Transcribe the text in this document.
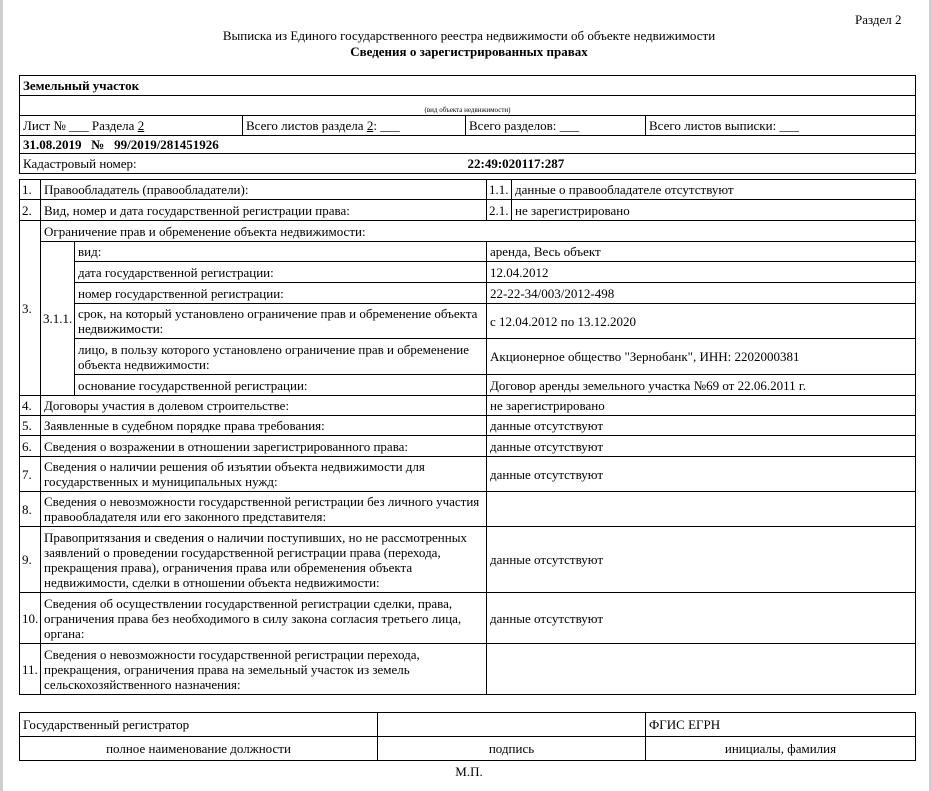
Раздел 2
Выписка из Единого государственного реестра недвижимости об объекте недвижимости
Сведения о зарегистрированных правах
Земельный участок			
(вид объекта недвижимости)			
Лист № ___ Раздела 2	Всего листов раздела 2: ___	Всего разделов: ___	Всего листов выписки: ___
31.08.2019 № 99/2019/281451926			
Кадастровый номер:		22:49:020117:287	
1.	Правообладатель (правообладатели):		1.1.	данные о правообладателе отсутствуют
2.	Вид, номер и дата государственной регистрации права:		2.1.	не зарегистрировано
3.	Ограничение прав и обременение объекта недвижимости:			
	3.1.1.	вид:	аренда, Весь объект	
		дата государственной регистрации:	12.04.2012	
		номер государственной регистрации:	22-22-34/003/2012-498	
		срок, на который установлено ограничение прав и обременение объекта недвижимости:	с 12.04.2012 по 13.12.2020	
		лицо, в пользу которого установлено ограничение прав и обременение объекта недвижимости:	Акционерное общество "Зернобанк", ИНН: 2202000381	
		основание государственной регистрации:	Договор аренды земельного участка №69 от 22.06.2011 г.	
4.	Договоры участия в долевом строительстве:		не зарегистрировано	
5.	Заявленные в судебном порядке права требования:		данные отсутствуют	
6.	Сведения о возражении в отношении зарегистрированного права:		данные отсутствуют	
7.	Сведения о наличии решения об изъятии объекта недвижимости для государственных и муниципальных нужд:		данные отсутствуют	
8.	Сведения о невозможности государственной регистрации без личного участия правообладателя или его законного представителя:			
9.	Правопритязания и сведения о наличии поступивших, но не рассмотренных заявлений о проведении государственной регистрации права (перехода, прекращения права), ограничения права или обременения объекта недвижимости, сделки в отношении объекта недвижимости:		данные отсутствуют	
10.	Сведения об осуществлении государственной регистрации сделки, права, ограничения права без необходимого в силу закона согласия третьего лица, органа:		данные отсутствуют	
11.	Сведения о невозможности государственной регистрации перехода, прекращения, ограничения права на земельный участок из земель сельскохозяйственного назначения:			
Государственный регистратор		ФГИС ЕГРН
полное наименование должности	подпись	инициалы, фамилия
М.П.
